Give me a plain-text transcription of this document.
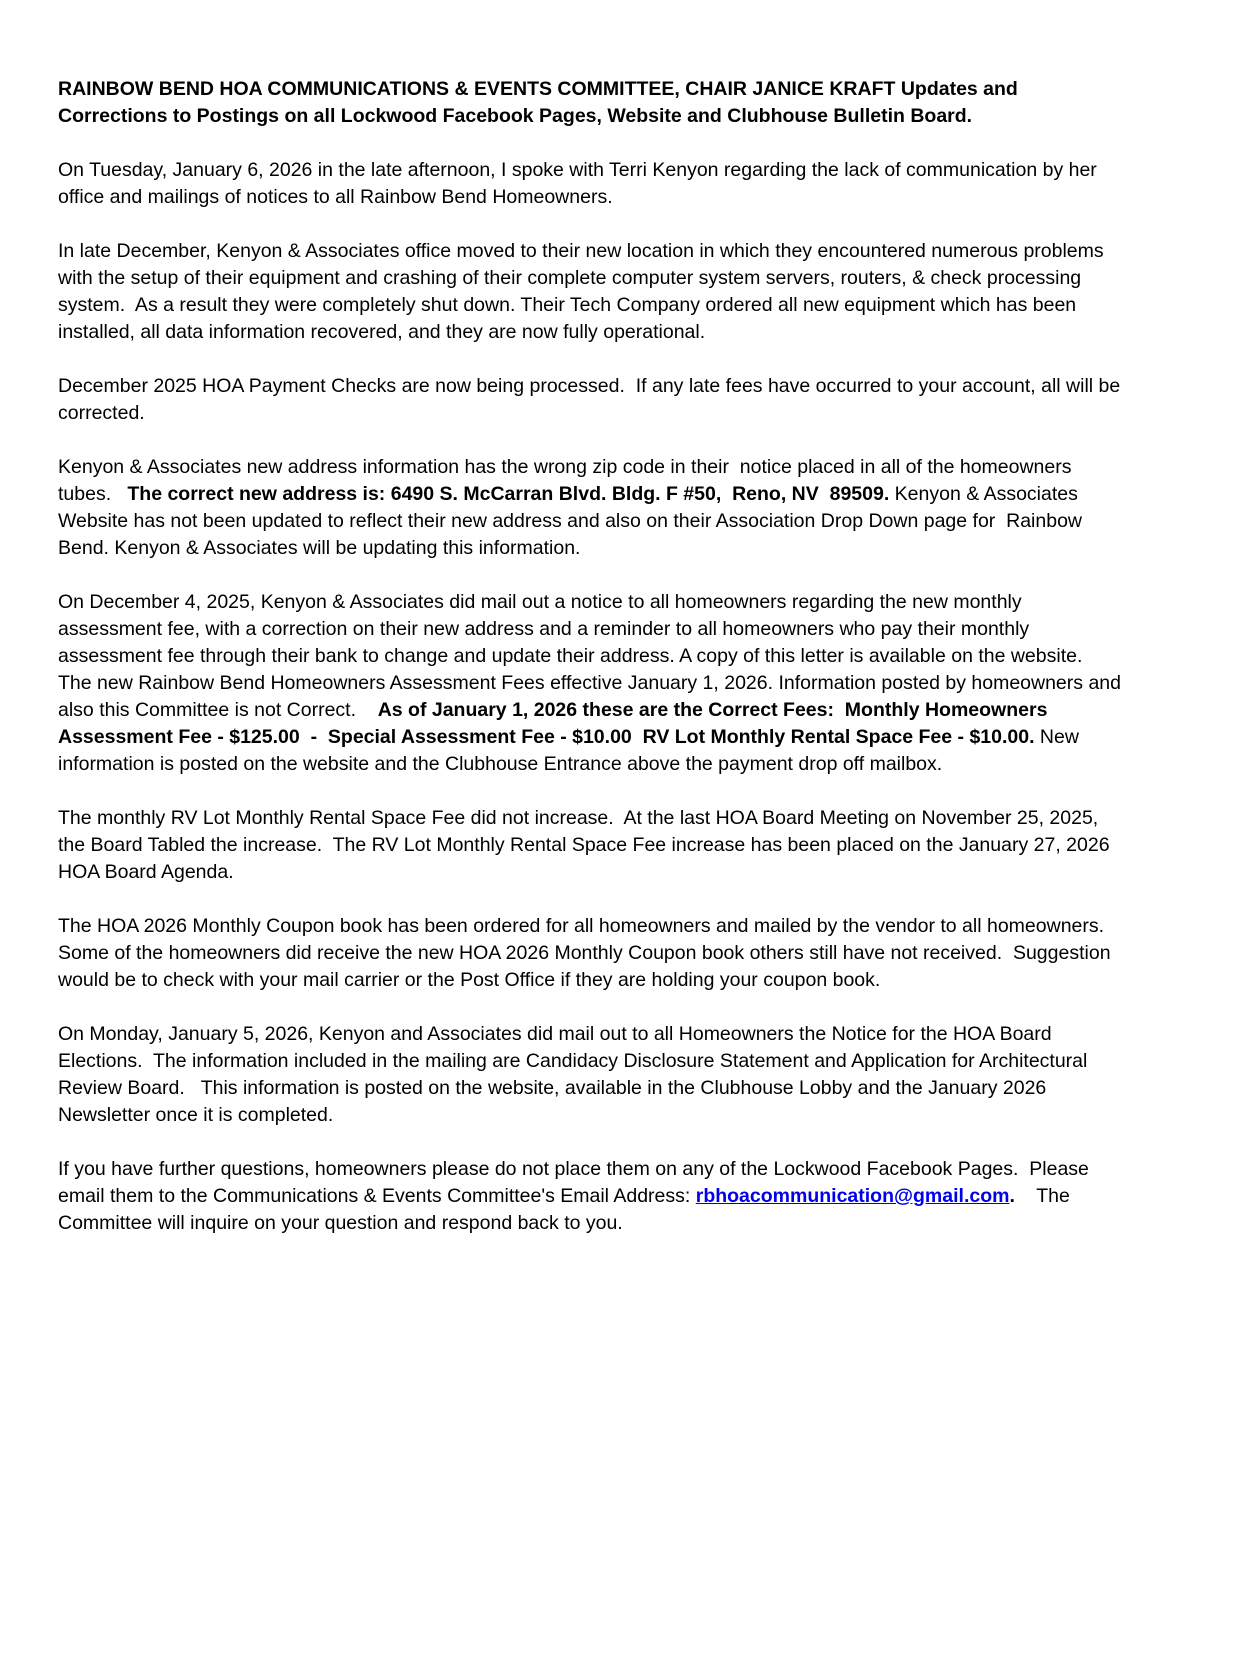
RAINBOW BEND HOA COMMUNICATIONS & EVENTS COMMITTEE, CHAIR JANICE KRAFT Updates and Corrections to Postings on all Lockwood Facebook Pages, Website and Clubhouse Bulletin Board.

On Tuesday, January 6, 2026 in the late afternoon, I spoke with Terri Kenyon regarding the lack of communication by her office and mailings of notices to all Rainbow Bend Homeowners.

In late December, Kenyon & Associates office moved to their new location in which they encountered numerous problems with the setup of their equipment and crashing of their complete computer system servers, routers, & check processing system.  As a result they were completely shut down. Their Tech Company ordered all new equipment which has been installed, all data information recovered, and they are now fully operational.

December 2025 HOA Payment Checks are now being processed.  If any late fees have occurred to your account, all will be corrected.

Kenyon & Associates new address information has the wrong zip code in their  notice placed in all of the homeowners tubes.   The correct new address is: 6490 S. McCarran Blvd. Bldg. F #50,  Reno, NV  89509. Kenyon & Associates Website has not been updated to reflect their new address and also on their Association Drop Down page for  Rainbow Bend. Kenyon & Associates will be updating this information.

On December 4, 2025, Kenyon & Associates did mail out a notice to all homeowners regarding the new monthly assessment fee, with a correction on their new address and a reminder to all homeowners who pay their monthly assessment fee through their bank to change and update their address. A copy of this letter is available on the website.   The new Rainbow Bend Homeowners Assessment Fees effective January 1, 2026. Information posted by homeowners and also this Committee is not Correct.    As of January 1, 2026 these are the Correct Fees:  Monthly Homeowners Assessment Fee - $125.00  -  Special Assessment Fee - $10.00  RV Lot Monthly Rental Space Fee - $10.00. New information is posted on the website and the Clubhouse Entrance above the payment drop off mailbox.

The monthly RV Lot Monthly Rental Space Fee did not increase.  At the last HOA Board Meeting on November 25, 2025, the Board Tabled the increase.  The RV Lot Monthly Rental Space Fee increase has been placed on the January 27, 2026 HOA Board Agenda.

The HOA 2026 Monthly Coupon book has been ordered for all homeowners and mailed by the vendor to all homeowners.  Some of the homeowners did receive the new HOA 2026 Monthly Coupon book others still have not received.  Suggestion would be to check with your mail carrier or the Post Office if they are holding your coupon book.

On Monday, January 5, 2026, Kenyon and Associates did mail out to all Homeowners the Notice for the HOA Board Elections.  The information included in the mailing are Candidacy Disclosure Statement and Application for Architectural Review Board.   This information is posted on the website, available in the Clubhouse Lobby and the January 2026 Newsletter once it is completed.

If you have further questions, homeowners please do not place them on any of the Lockwood Facebook Pages.  Please email them to the Communications & Events Committee's Email Address: rbhoacommunication@gmail.com.    The Committee will inquire on your question and respond back to you.
